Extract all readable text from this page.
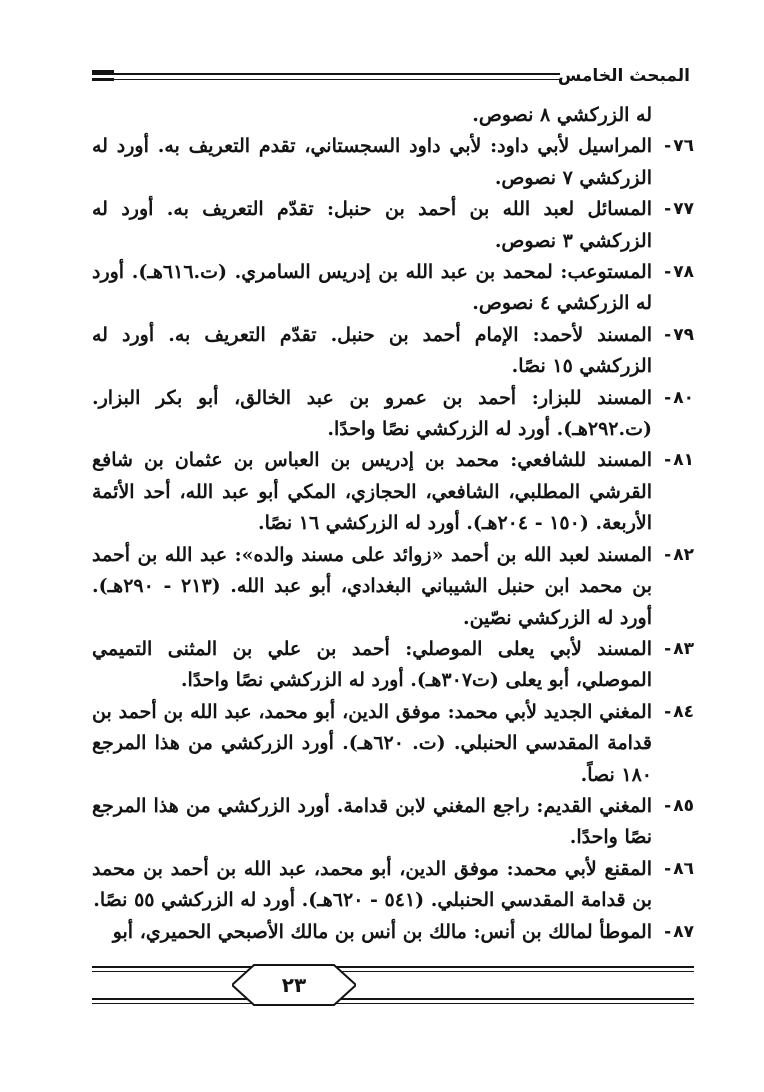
المبحث الخامس

له الزركشي ٨ نصوص.

٧٦-
المراسيل لأبي داود: لأبي داود السجستاني، تقدم التعريف به. أورد له الزركشي ٧ نصوص.
٧٧-
المسائل لعبد الله بن أحمد بن حنبل: تقدّم التعريف به. أورد له الزركشي ٣ نصوص.
٧٨-
المستوعب: لمحمد بن عبد الله بن إدريس السامري. (ت.٦١٦هـ). أورد له الزركشي ٤ نصوص.
٧٩-
المسند لأحمد: الإمام أحمد بن حنبل. تقدّم التعريف به. أورد له الزركشي ١٥ نصًا.
٨٠-
المسند للبزار: أحمد بن عمرو بن عبد الخالق، أبو بكر البزار. (ت.٢٩٢هـ). أورد له الزركشي نصًا واحدًا.
٨١-
المسند للشافعي: محمد بن إدريس بن العباس بن عثمان بن شافع القرشي المطلبي، الشافعي، الحجازي، المكي أبو عبد الله، أحد الأئمة الأربعة. (١٥٠ - ٢٠٤هـ). أورد له الزركشي ١٦ نصًا.
٨٢-
المسند لعبد الله بن أحمد «زوائد على مسند والده»: عبد الله بن أحمد بن محمد ابن حنبل الشيباني البغدادي، أبو عبد الله. (٢١٣ - ٢٩٠هـ). أورد له الزركشي نصّين.
٨٣-
المسند لأبي يعلى الموصلي: أحمد بن علي بن المثنى التميمي الموصلي، أبو يعلى (ت٣٠٧هـ). أورد له الزركشي نصًا واحدًا.
٨٤-
المغني الجديد لأبي محمد: موفق الدين، أبو محمد، عبد الله بن أحمد بن قدامة المقدسي الحنبلي. (ت. ٦٢٠هـ). أورد الزركشي من هذا المرجع ١٨٠ نصاً.
٨٥-
المغني القديم: راجع المغني لابن قدامة. أورد الزركشي من هذا المرجع نصًا واحدًا.
٨٦-
المقنع لأبي محمد: موفق الدين، أبو محمد، عبد الله بن أحمد بن محمد بن قدامة المقدسي الحنبلي. (٥٤١ - ٦٢٠هـ). أورد له الزركشي ٥٥ نصًا.
٨٧-
الموطأ لمالك بن أنس: مالك بن أنس بن مالك الأصبحي الحميري، أبو
٢٣
